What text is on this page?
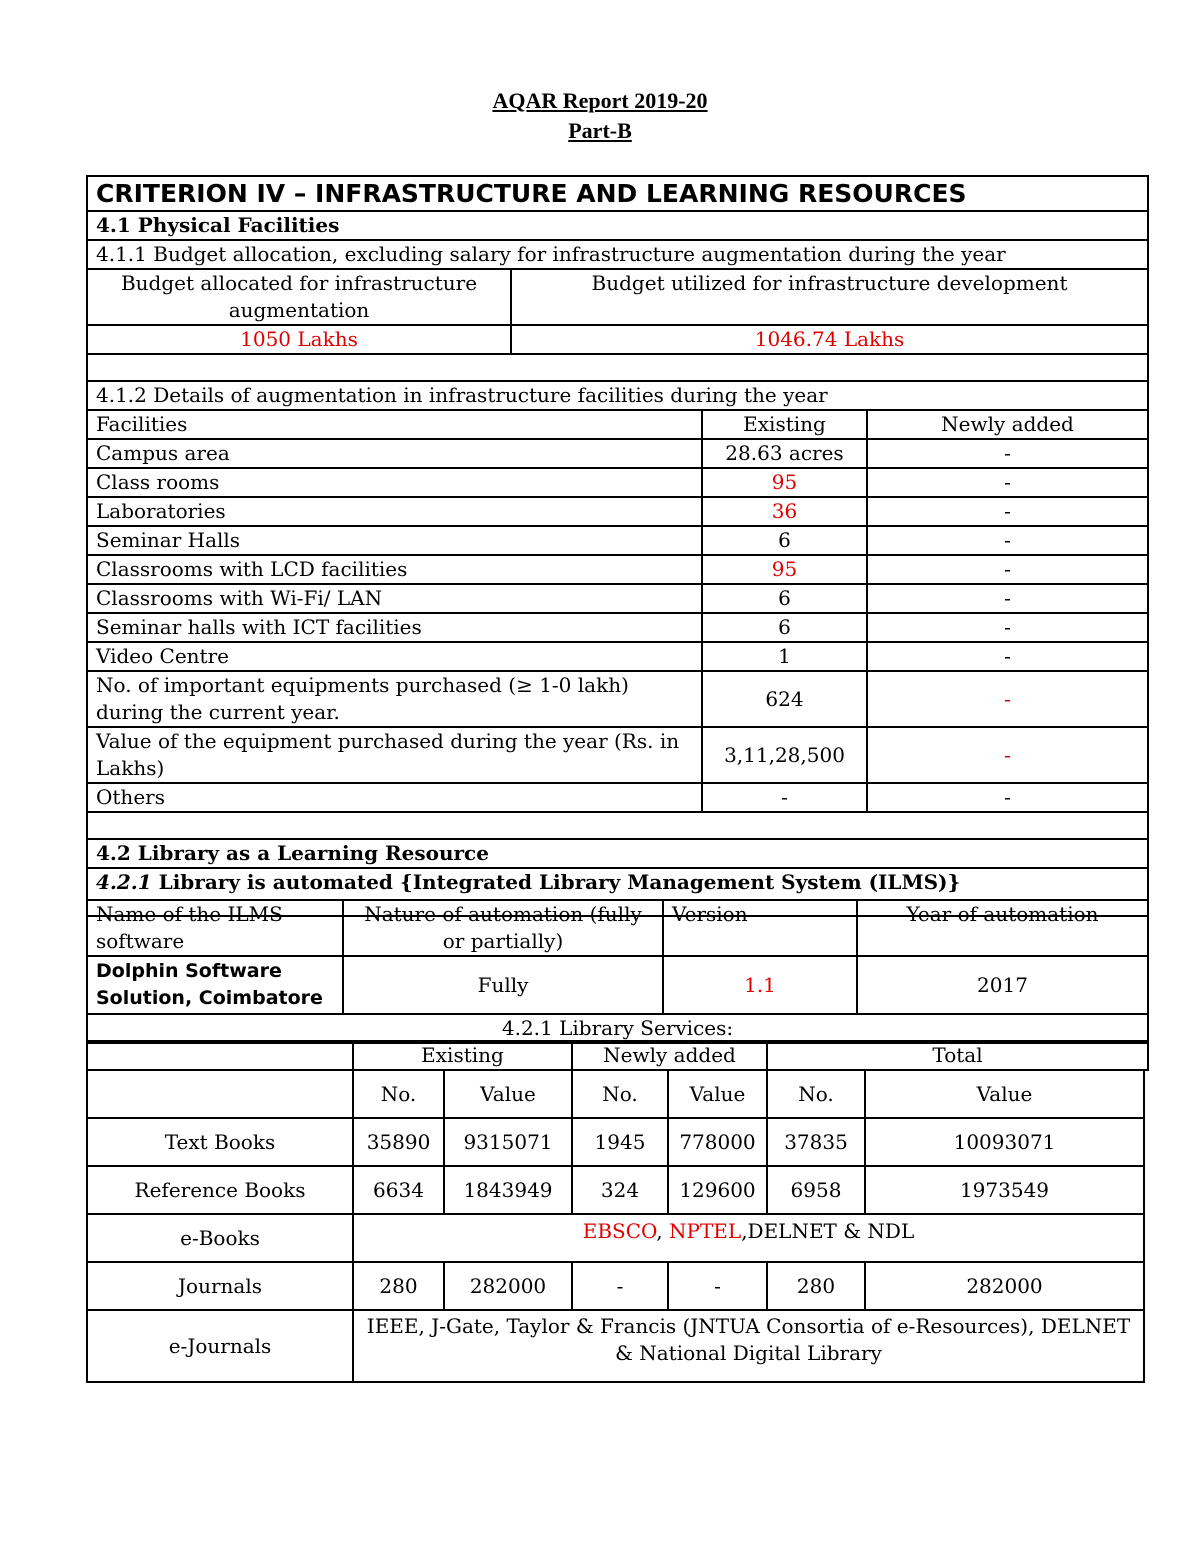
AQAR Report 2019-20
Part-B
CRITERION IV – INFRASTRUCTURE AND LEARNING RESOURCES			
4.1 Physical Facilities			
4.1.1 Budget allocation, excluding salary for infrastructure augmentation during the year			
Budget allocated for infrastructure augmentation	Budget utilized for infrastructure development		
1050 Lakhs	1046.74 Lakhs		

4.1.2 Details of augmentation in infrastructure facilities during the year			
Facilities		Existing	Newly added
Campus area		28.63 acres	-
Class rooms		95	-
Laboratories		36	-
Seminar Halls		6	-
Classrooms with LCD facilities		95	-
Classrooms with Wi-Fi/ LAN		6	-
Seminar halls with ICT facilities		6	-
Video Centre		1	-
No. of important equipments purchased (≥ 1-0 lakh) during the current year.		624	-
Value of the equipment purchased during the year (Rs. in Lakhs)		3,11,28,500	-
Others		-	-

4.2 Library as a Learning Resource			
4.2.1 Library is automated {Integrated Library Management System (ILMS)}			
Name of the ILMS software	Nature of automation (fully or partially)	Version	Year of automation
Dolphin Software Solution, Coimbatore	Fully	1.1	2017
4.2.1 Library Services:			
	Existing	Newly added	Total
	No.	Value	No.	Value	No.	Value
Text Books	35890	9315071	1945	778000	37835	10093071
Reference Books	6634	1843949	324	129600	6958	1973549
e-Books	EBSCO, NPTEL,DELNET & NDL					
Journals	280	282000	-	-	280	282000
e-Journals	IEEE, J-Gate, Taylor & Francis (JNTUA Consortia of e-Resources), DELNET & National Digital Library					
